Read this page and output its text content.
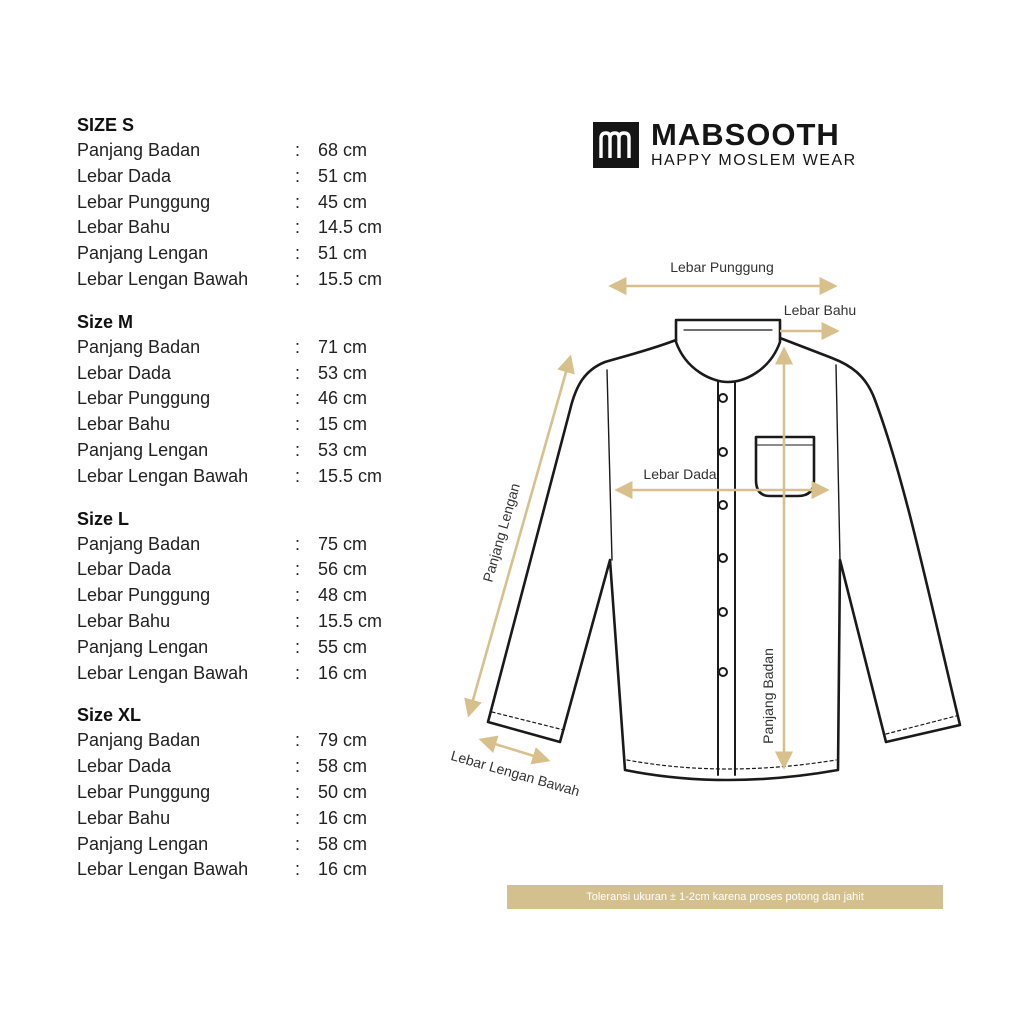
SIZE S
Panjang Badan	: 68 cm
Lebar Dada	: 51 cm
Lebar Punggung	: 45 cm
Lebar Bahu	: 14.5 cm
Panjang Lengan	: 51 cm
Lebar Lengan Bawah	: 15.5 cm
Size M
Panjang Badan	: 71 cm
Lebar Dada	: 53 cm
Lebar Punggung	: 46 cm
Lebar Bahu	: 15 cm
Panjang Lengan	: 53 cm
Lebar Lengan Bawah	: 15.5 cm
Size L
Panjang Badan	: 75 cm
Lebar Dada	: 56 cm
Lebar Punggung	: 48 cm
Lebar Bahu	: 15.5 cm
Panjang Lengan	: 55 cm
Lebar Lengan Bawah	: 16 cm
Size XL
Panjang Badan	: 79 cm
Lebar Dada	: 58 cm
Lebar Punggung	: 50 cm
Lebar Bahu	: 16 cm
Panjang Lengan	: 58 cm
Lebar Lengan Bawah	: 16 cm
MABSOOTH
HAPPY MOSLEM WEAR
Lebar Punggung
Lebar Bahu
Lebar Dada
Panjang Lengan
Panjang Badan
Lebar Lengan Bawah
Toleransi ukuran ± 1-2cm karena proses potong dan jahit
